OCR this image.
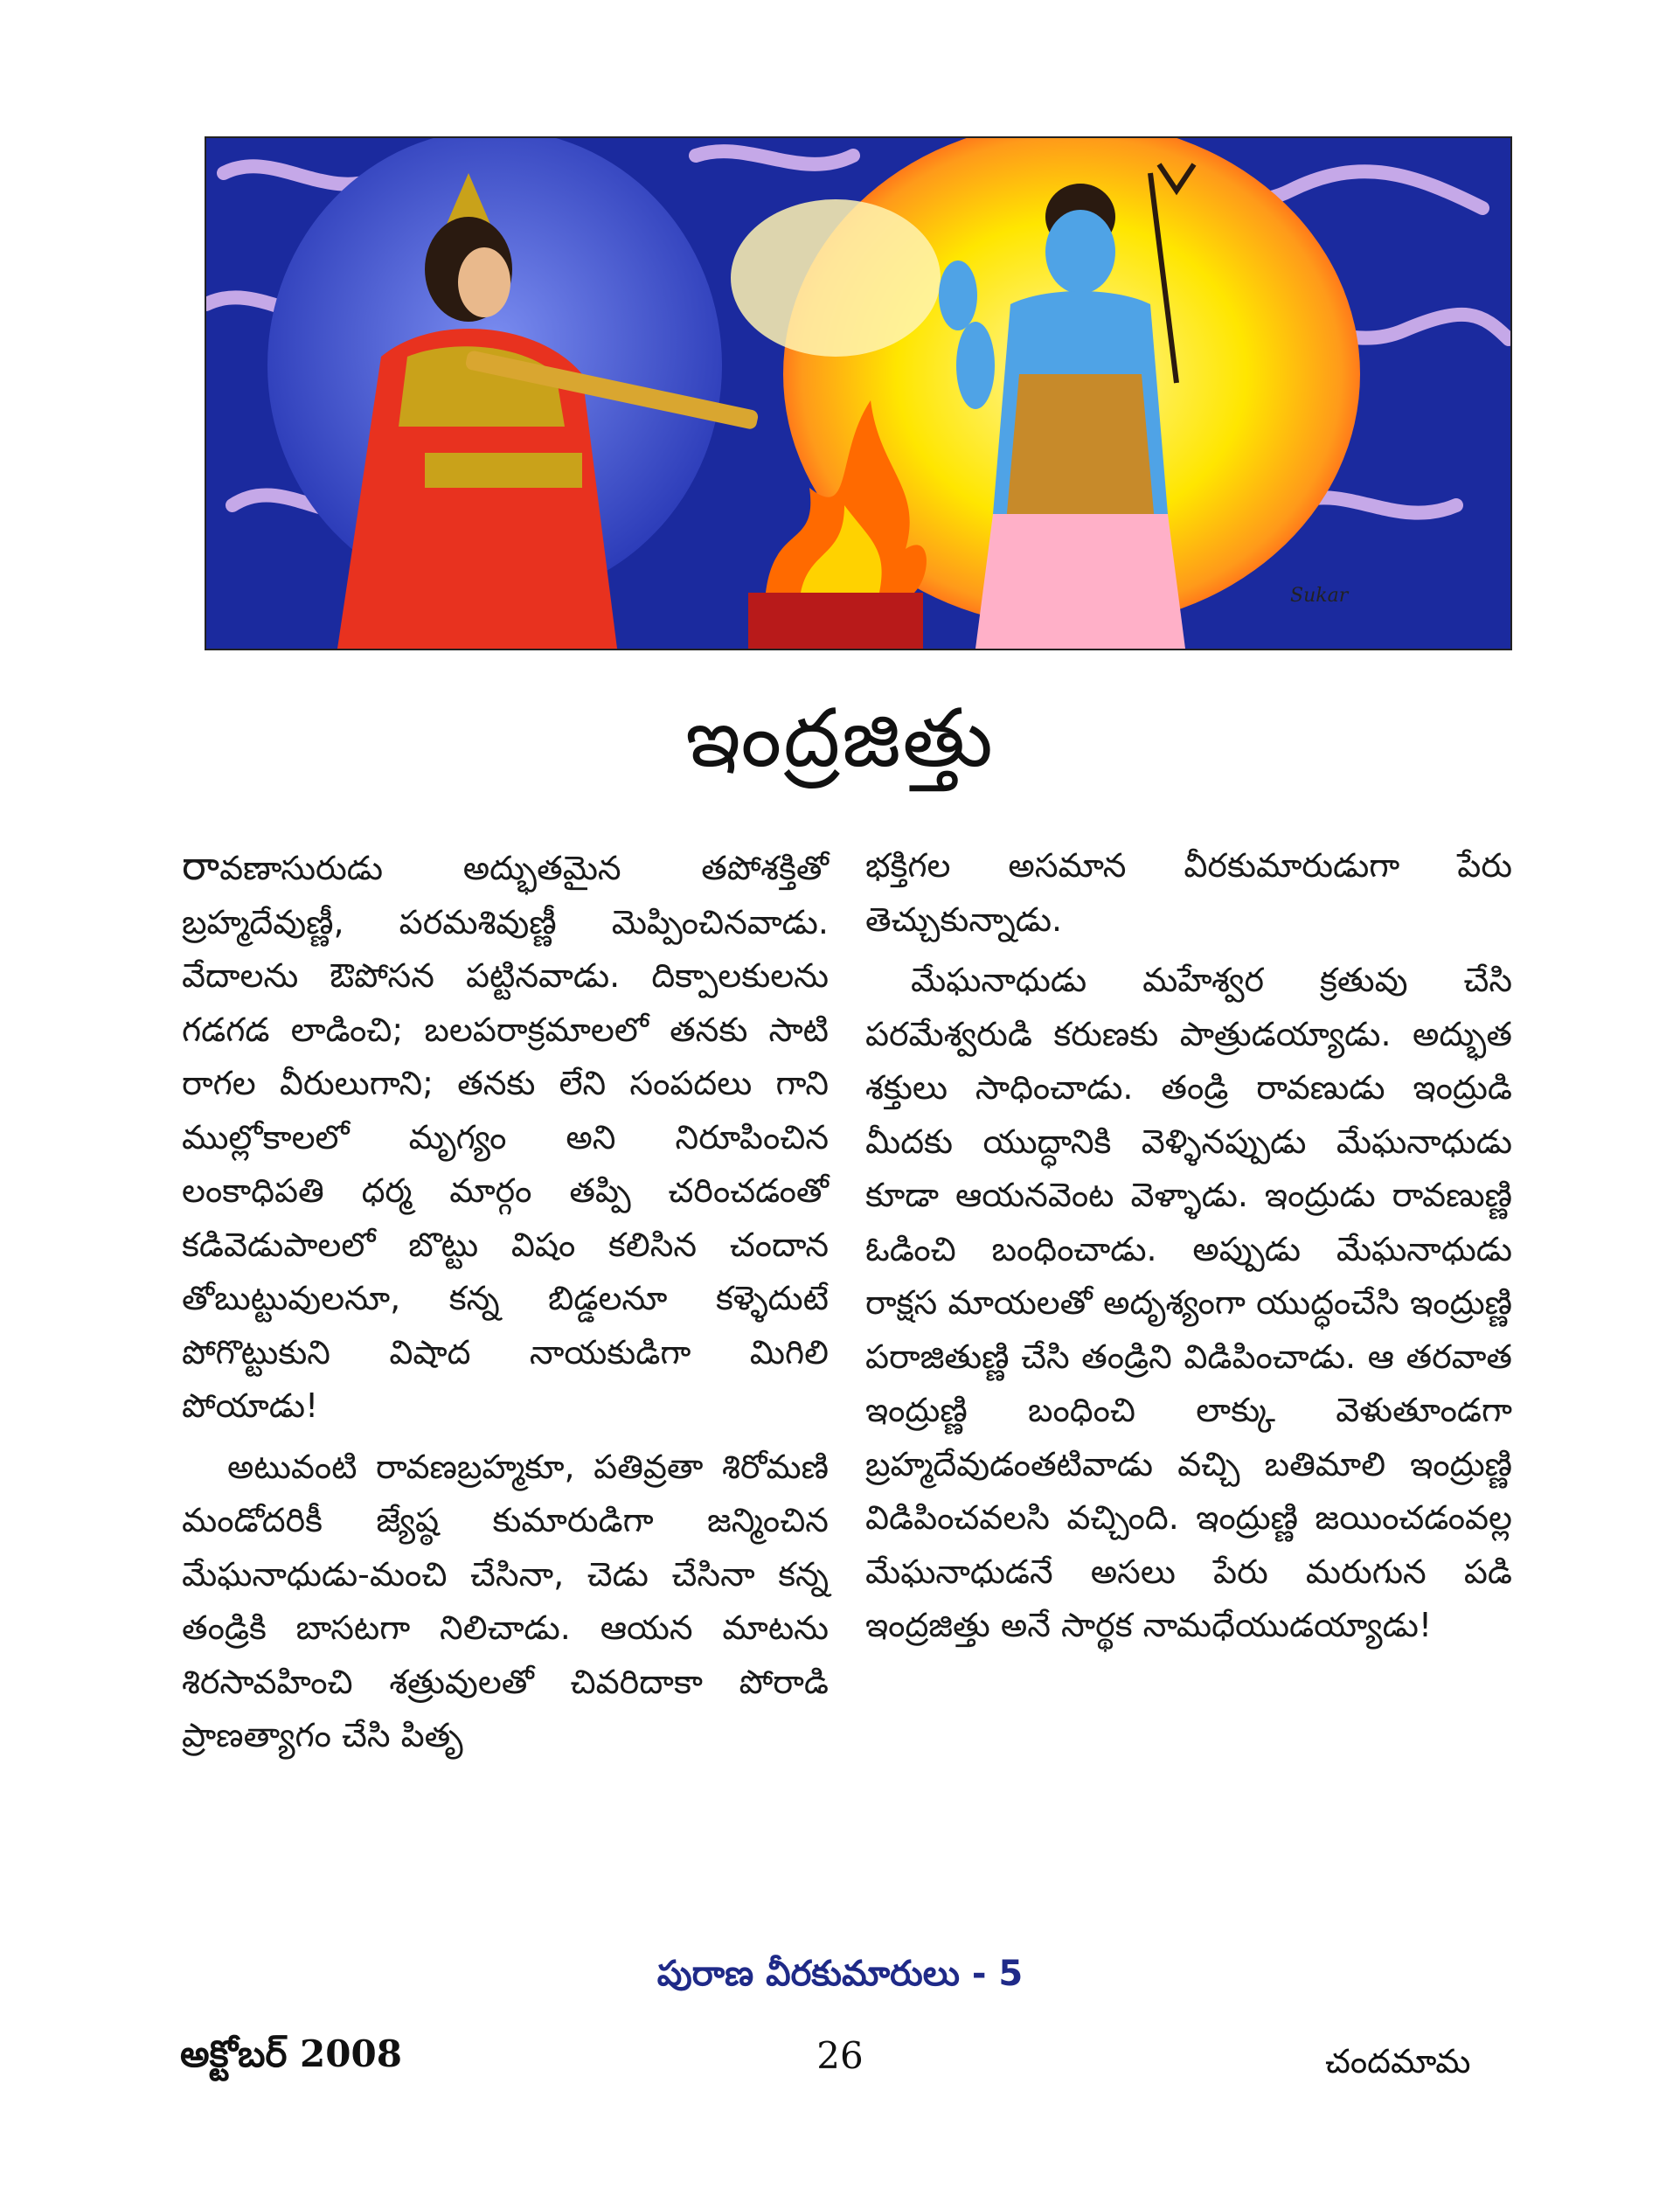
Sukar
ఇంద్రజిత్తు

రావణాసురుడు అద్భుతమైన తపోశక్తితో బ్రహ్మదేవుణ్ణీ, పరమశివుణ్ణీ మెప్పించినవాడు. వేదాలను ఔపోసన పట్టినవాడు. దిక్పాలకులను గడగడ లాడించి; బలపరాక్రమాలలో తనకు సాటి రాగల వీరులుగాని; తనకు లేని సంపదలు గాని ముల్లోకాలలో మృగ్యం అని నిరూపించిన లంకాధిపతి ధర్మ మార్గం తప్పి చరించడంతో కడివెడుపాలలో బొట్టు విషం కలిసిన చందాన తోబుట్టువులనూ, కన్న బిడ్డలనూ కళ్ళెదుటే పోగొట్టుకుని విషాద నాయకుడిగా మిగిలి పోయాడు!

అటువంటి రావణబ్రహ్మకూ, పతివ్రతా శిరోమణి మండోదరికీ జ్యేష్ఠ కుమారుడిగా జన్మించిన మేఘనాధుడు-మంచి చేసినా, చెడు చేసినా కన్న తండ్రికి బాసటగా నిలిచాడు. ఆయన మాటను శిరసావహించి శత్రువులతో చివరిదాకా పోరాడి ప్రాణత్యాగం చేసి పితృ

భక్తిగల అసమాన వీరకుమారుడుగా పేరు తెచ్చుకున్నాడు.

మేఘనాధుడు మహేశ్వర క్రతువు చేసి పరమేశ్వరుడి కరుణకు పాత్రుడయ్యాడు. అద్భుత శక్తులు సాధించాడు. తండ్రి రావణుడు ఇంద్రుడి మీదకు యుద్ధానికి వెళ్ళినప్పుడు మేఘనాధుడు కూడా ఆయనవెంట వెళ్ళాడు. ఇంద్రుడు రావణుణ్ణి ఓడించి బంధించాడు. అప్పుడు మేఘనాధుడు రాక్షస మాయలతో అదృశ్యంగా యుద్ధంచేసి ఇంద్రుణ్ణి పరాజితుణ్ణి చేసి తండ్రిని విడిపించాడు. ఆ తరవాత ఇంద్రుణ్ణి బంధించి లాక్కు వెళుతూండగా బ్రహ్మదేవుడంతటివాడు వచ్చి బతిమాలి ఇంద్రుణ్ణి విడిపించవలసి వచ్చింది. ఇంద్రుణ్ణి జయించడంవల్ల మేఘనాధుడనే అసలు పేరు మరుగున పడి ఇంద్రజిత్తు అనే సార్థక నామధేయుడయ్యాడు!

పురాణ వీరకుమారులు - 5
అక్టోబర్ 2008	26	చందమామ
